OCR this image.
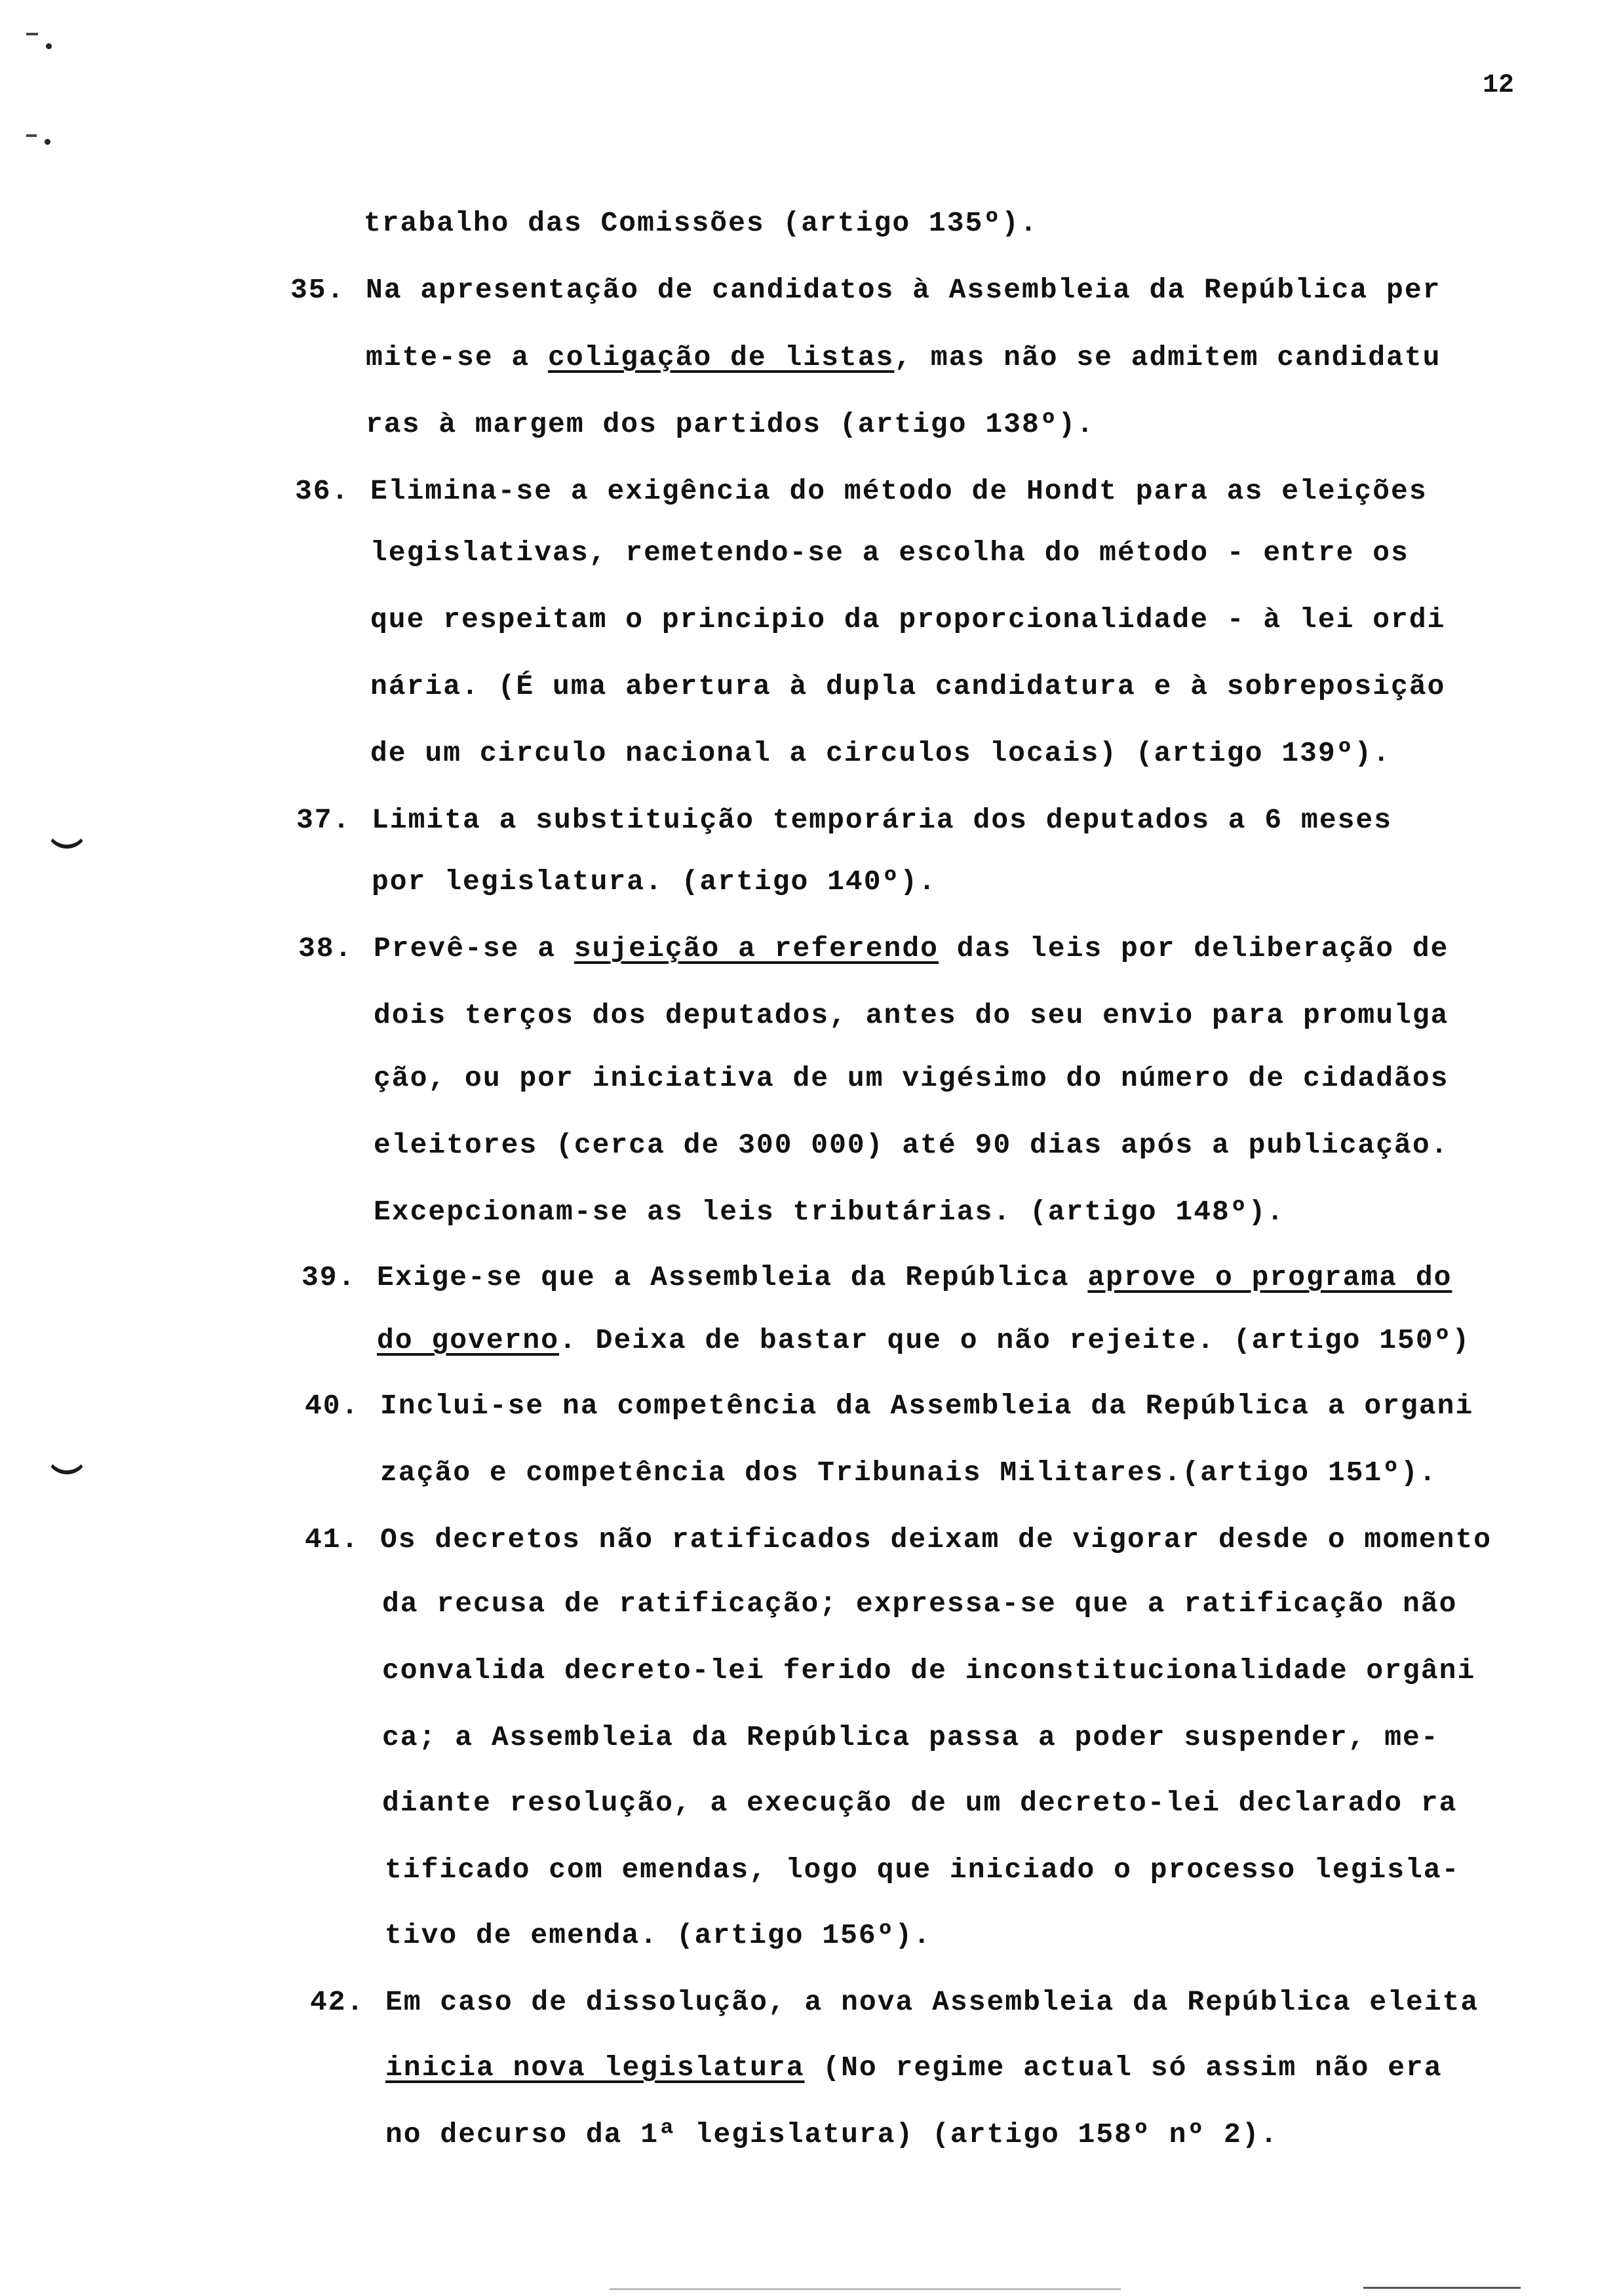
12
trabalho das Comissões (artigo 135º).
35. Na apresentação de candidatos à Assembleia da República per
mite-se a coligação de listas, mas não se admitem candidatu
ras à margem dos partidos (artigo 138º).
36. Elimina-se a exigência do método de Hondt para as eleições
legislativas, remetendo-se a escolha do método - entre os
que respeitam o principio da proporcionalidade - à lei ordi
nária. (É uma abertura à dupla candidatura e à sobreposição
de um circulo nacional a circulos locais) (artigo 139º).
37. Limita a substituição temporária dos deputados a 6 meses
por legislatura. (artigo 140º).
38. Prevê-se a sujeição a referendo das leis por deliberação de
dois terços dos deputados, antes do seu envio para promulga
ção, ou por iniciativa de um vigésimo do número de cidadãos
eleitores (cerca de 300 000) até 90 dias após a publicação.
Excepcionam-se as leis tributárias. (artigo 148º).
39. Exige-se que a Assembleia da República aprove o programa do
do governo. Deixa de bastar que o não rejeite. (artigo 150º)
40. Inclui-se na competência da Assembleia da República a organi
zação e competência dos Tribunais Militares.(artigo 151º).
41. Os decretos não ratificados deixam de vigorar desde o momento
da recusa de ratificação; expressa-se que a ratificação não
convalida decreto-lei ferido de inconstitucionalidade orgâni
ca; a Assembleia da República passa a poder suspender, me-
diante resolução, a execução de um decreto-lei declarado ra
tificado com emendas, logo que iniciado o processo legisla-
tivo de emenda. (artigo 156º).
42. Em caso de dissolução, a nova Assembleia da República eleita
inicia nova legislatura (No regime actual só assim não era
no decurso da 1ª legislatura) (artigo 158º nº 2).
